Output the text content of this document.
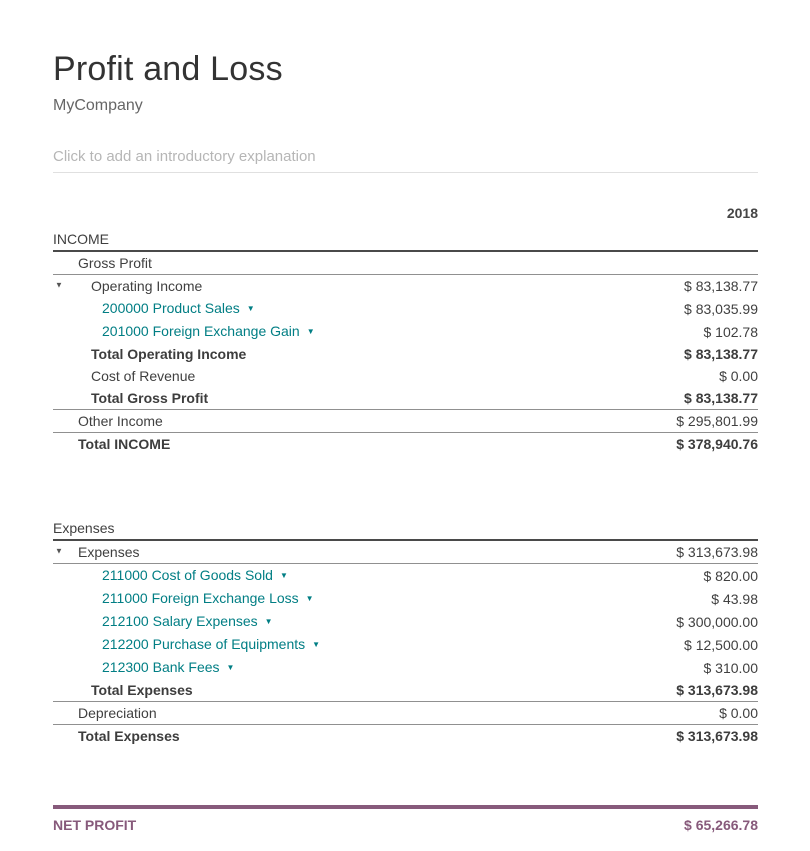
Profit and Loss
MyCompany
Click to add an introductory explanation
2018
INCOME
Gross Profit
▼	Operating Income	$ 83,138.77
200000 Product Sales ▼	$ 83,035.99
201000 Foreign Exchange Gain ▼	$ 102.78
Total Operating Income	$ 83,138.77
Cost of Revenue	$ 0.00
Total Gross Profit	$ 83,138.77
Other Income	$ 295,801.99
Total INCOME	$ 378,940.76
Expenses
▼	Expenses	$ 313,673.98
211000 Cost of Goods Sold ▼	$ 820.00
211000 Foreign Exchange Loss ▼	$ 43.98
212100 Salary Expenses ▼	$ 300,000.00
212200 Purchase of Equipments ▼	$ 12,500.00
212300 Bank Fees ▼	$ 310.00
Total Expenses	$ 313,673.98
Depreciation	$ 0.00
Total Expenses	$ 313,673.98
NET PROFIT	$ 65,266.78
